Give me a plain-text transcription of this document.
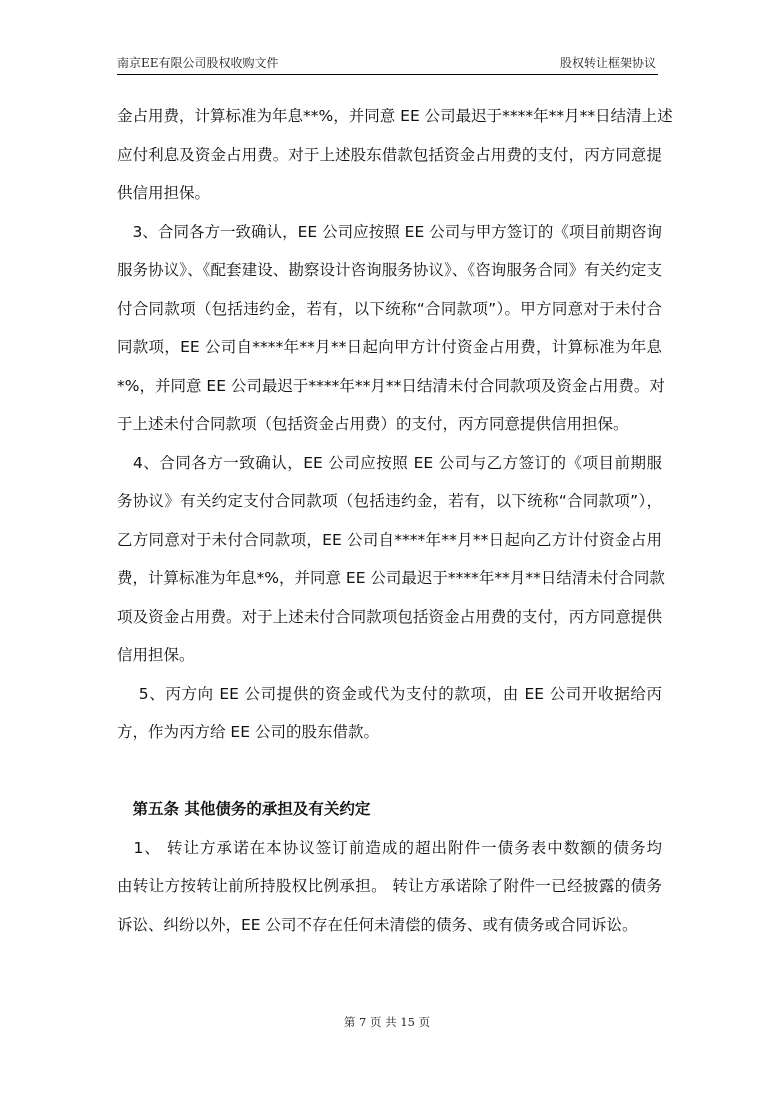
南京EE有限公司股权收购文件	股权转让框架协议
金占用费，计算标准为年息**%，并同意 EE 公司最迟于****年**月**日结清上述
应付利息及资金占用费。对于上述股东借款包括资金占用费的支付，丙方同意提
供信用担保。
　3、合同各方一致确认，EE 公司应按照 EE 公司与甲方签订的《项目前期咨询
服务协议》、《配套建设、勘察设计咨询服务协议》、《咨询服务合同》有关约定支
付合同款项（包括违约金，若有，以下统称“合同款项”）。甲方同意对于未付合
同款项，EE 公司自****年**月**日起向甲方计付资金占用费，计算标准为年息
*%，并同意 EE 公司最迟于****年**月**日结清未付合同款项及资金占用费。对
于上述未付合同款项（包括资金占用费）的支付，丙方同意提供信用担保。
　4、合同各方一致确认，EE 公司应按照 EE 公司与乙方签订的《项目前期服
务协议》有关约定支付合同款项（包括违约金，若有，以下统称“合同款项”），
乙方同意对于未付合同款项，EE 公司自****年**月**日起向乙方计付资金占用
费，计算标准为年息*%，并同意 EE 公司最迟于****年**月**日结清未付合同款
项及资金占用费。对于上述未付合同款项包括资金占用费的支付，丙方同意提供
信用担保。
　 5、丙方向 EE 公司提供的资金或代为支付的款项，由 EE 公司开收据给丙
方，作为丙方给 EE 公司的股东借款。
　第五条 其他债务的承担及有关约定
　1、 转让方承诺在本协议签订前造成的超出附件一债务表中数额的债务均
由转让方按转让前所持股权比例承担。 转让方承诺除了附件一已经披露的债务
诉讼、纠纷以外，EE 公司不存在任何未清偿的债务、或有债务或合同诉讼。
第 7 页 共 15 页
